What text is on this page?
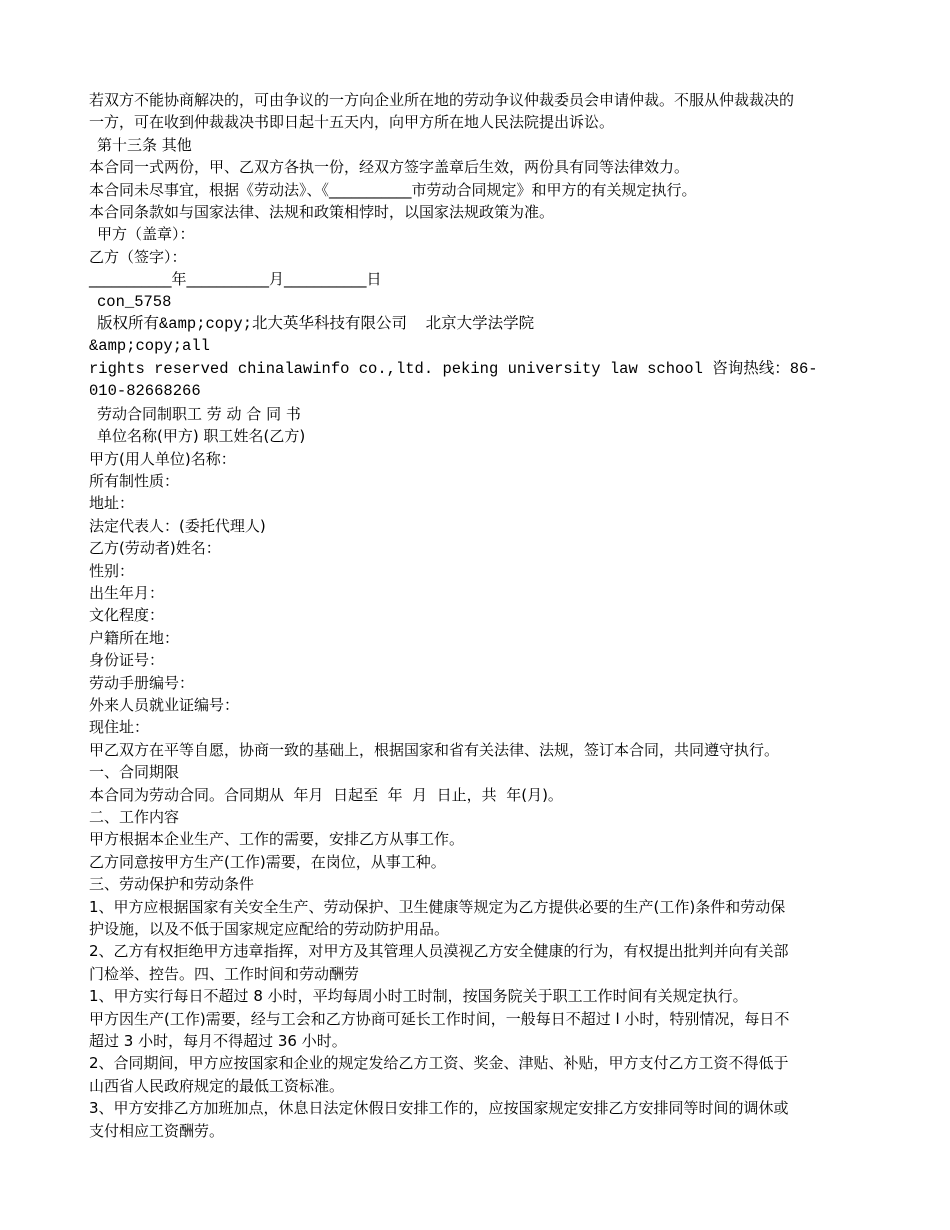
若双方不能协商解决的，可由争议的一方向企业所在地的劳动争议仲裁委员会申请仲裁。不服从仲裁裁决的

一方，可在收到仲裁裁决书即日起十五天内，向甲方所在地人民法院提出诉讼。

第十三条 其他

本合同一式两份，甲、乙双方各执一份，经双方签字盖章后生效，两份具有同等法律效力。

本合同未尽事宜，根据《劳动法》、《___________市劳动合同规定》和甲方的有关规定执行。

本合同条款如与国家法律、法规和政策相悖时，以国家法规政策为准。

甲方（盖章）：

乙方（签字）：

___________年___________月___________日

con_5758

版权所有&amp;copy;北大英华科技有限公司  北京大学法学院

&amp;copy;all

rights reserved chinalawinfo co.,ltd. peking university law school 咨询热线：86-

010-82668266

劳动合同制职工 劳 动 合 同 书

单位名称(甲方) 职工姓名(乙方)

甲方(用人单位)名称：

所有制性质：

地址：

法定代表人：(委托代理人)

乙方(劳动者)姓名：

性别：

出生年月：

文化程度：

户籍所在地：

身份证号：

劳动手册编号：

外来人员就业证编号：

现住址：

甲乙双方在平等自愿，协商一致的基础上，根据国家和省有关法律、法规，签订本合同，共同遵守执行。

一、合同期限

本合同为劳动合同。合同期从  年月  日起至  年  月  日止，共  年(月)。

二、工作内容

甲方根据本企业生产、工作的需要，安排乙方从事工作。

乙方同意按甲方生产(工作)需要，在岗位，从事工种。

三、劳动保护和劳动条件

1、甲方应根据国家有关安全生产、劳动保护、卫生健康等规定为乙方提供必要的生产(工作)条件和劳动保

护设施，以及不低于国家规定应配给的劳动防护用品。

2、乙方有权拒绝甲方违章指挥，对甲方及其管理人员漠视乙方安全健康的行为，有权提出批判并向有关部

门检举、控告。四、工作时间和劳动酬劳

1、甲方实行每日不超过 8 小时，平均每周小时工时制，按国务院关于职工工作时间有关规定执行。

甲方因生产(工作)需要，经与工会和乙方协商可延长工作时间，一般每日不超过 l 小时，特别情况，每日不

超过 3 小时，每月不得超过 36 小时。

2、合同期间，甲方应按国家和企业的规定发给乙方工资、奖金、津贴、补贴，甲方支付乙方工资不得低于

山西省人民政府规定的最低工资标准。

3、甲方安排乙方加班加点，休息日法定休假日安排工作的，应按国家规定安排乙方安排同等时间的调休或

支付相应工资酬劳。
